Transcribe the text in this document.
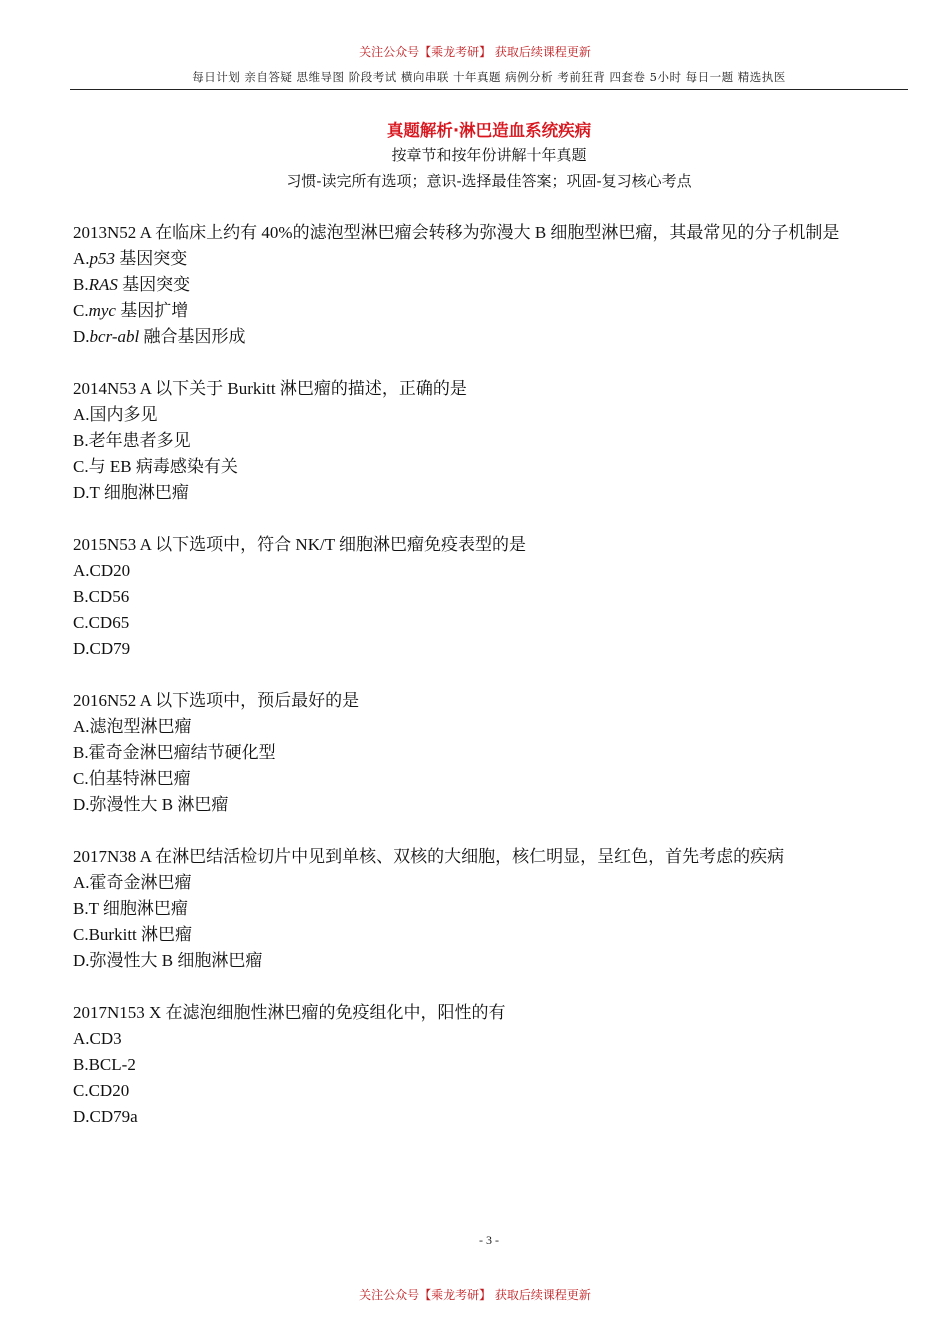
关注公众号【乘龙考研】 获取后续课程更新
每日计划 亲自答疑 思维导图 阶段考试 横向串联 十年真题 病例分析 考前狂背 四套卷 5小时 每日一题 精选执医
真题解析·淋巴造血系统疾病
按章节和按年份讲解十年真题
习惯-读完所有选项；意识-选择最佳答案；巩固-复习核心考点

2013N52 A 在临床上约有 40%的滤泡型淋巴瘤会转移为弥漫大 B 细胞型淋巴瘤，其最常见的分子机制是

A.p53 基因突变

B.RAS 基因突变

C.myc 基因扩增

D.bcr-abl 融合基因形成

2014N53 A 以下关于 Burkitt 淋巴瘤的描述，正确的是

A.国内多见

B.老年患者多见

C.与 EB 病毒感染有关

D.T 细胞淋巴瘤

2015N53 A 以下选项中，符合 NK/T 细胞淋巴瘤免疫表型的是

A.CD20

B.CD56

C.CD65

D.CD79

2016N52 A 以下选项中，预后最好的是

A.滤泡型淋巴瘤

B.霍奇金淋巴瘤结节硬化型

C.伯基特淋巴瘤

D.弥漫性大 B 淋巴瘤

2017N38 A 在淋巴结活检切片中见到单核、双核的大细胞，核仁明显，呈红色，首先考虑的疾病

A.霍奇金淋巴瘤

B.T 细胞淋巴瘤

C.Burkitt 淋巴瘤

D.弥漫性大 B 细胞淋巴瘤

2017N153 X 在滤泡细胞性淋巴瘤的免疫组化中，阳性的有

A.CD3

B.BCL-2

C.CD20

D.CD79a

- 3 -
关注公众号【乘龙考研】 获取后续课程更新
